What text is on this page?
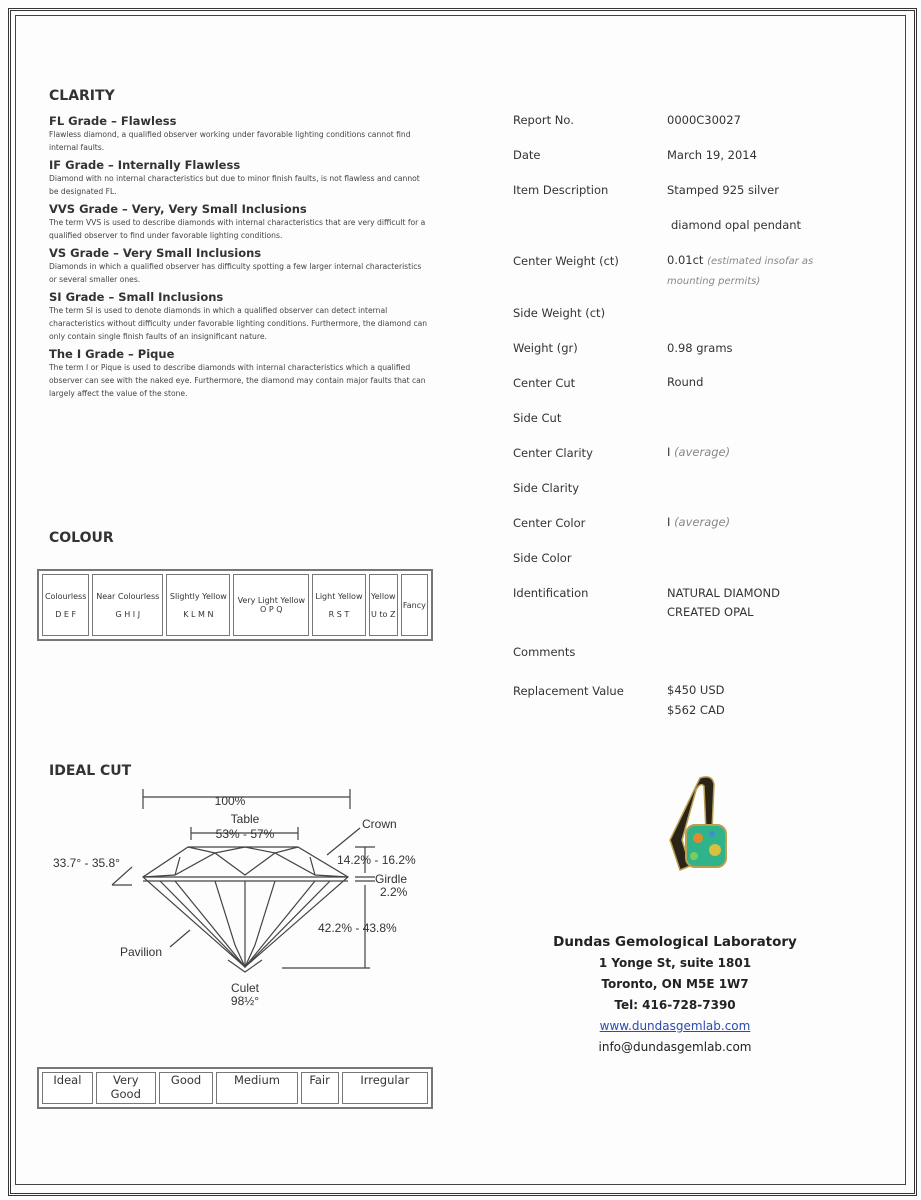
CLARITY
FL Grade – Flawless
Flawless diamond, a qualified observer working under favorable lighting conditions cannot find internal faults.
IF Grade – Internally Flawless
Diamond with no internal characteristics but due to minor finish faults, is not flawless and cannot be designated FL.
VVS Grade – Very, Very Small Inclusions
The term VVS is used to describe diamonds with internal characteristics that are very difficult for a qualified observer to find under favorable lighting conditions.
VS Grade – Very Small Inclusions
Diamonds in which a qualified observer has difficulty spotting a few larger internal characteristics or several smaller ones.
SI Grade – Small Inclusions
The term SI is used to denote diamonds in which a qualified observer can detect internal characteristics without difficulty under favorable lighting conditions. Furthermore, the diamond can only contain single finish faults of an insignificant nature.
The I Grade – Pique
The term I or Pique is used to describe diamonds with internal characteristics which a qualified observer can see with the naked eye. Furthermore, the diamond may contain major faults that can largely affect the value of the stone.
COLOUR
Colourless

D E F

Near Colourless

G H I J

Slightly Yellow

K L M N

Very Light Yellow
O P Q

Light Yellow

R S T

Yellow

U to Z

Fancy
IDEAL CUT
100%
Table
53% - 57%
Crown
33.7° - 35.8°	14.2% - 16.2%
Girdle
2.2%
42.2% - 43.8%
Pavilion
Culet
98½°
Ideal	Very Good	Good	Medium	Fair	Irregular
Report No.	0000C30027
Date	March 19, 2014
Item Description	Stamped 925 silver
diamond opal pendant
Center Weight (ct)	0.01ct (estimated insofar as mounting permits)
Side Weight (ct)
Weight (gr)	0.98 grams
Center Cut	Round
Side Cut
Center Clarity	I (average)
Side Clarity
Center Color	I (average)
Side Color
Identification	NATURAL DIAMOND
CREATED OPAL
Comments
Replacement Value	$450 USD
$562 CAD
Dundas Gemological Laboratory
1 Yonge St, suite 1801
Toronto, ON M5E 1W7
Tel: 416-728-7390
www.dundasgemlab.com
info@dundasgemlab.com
